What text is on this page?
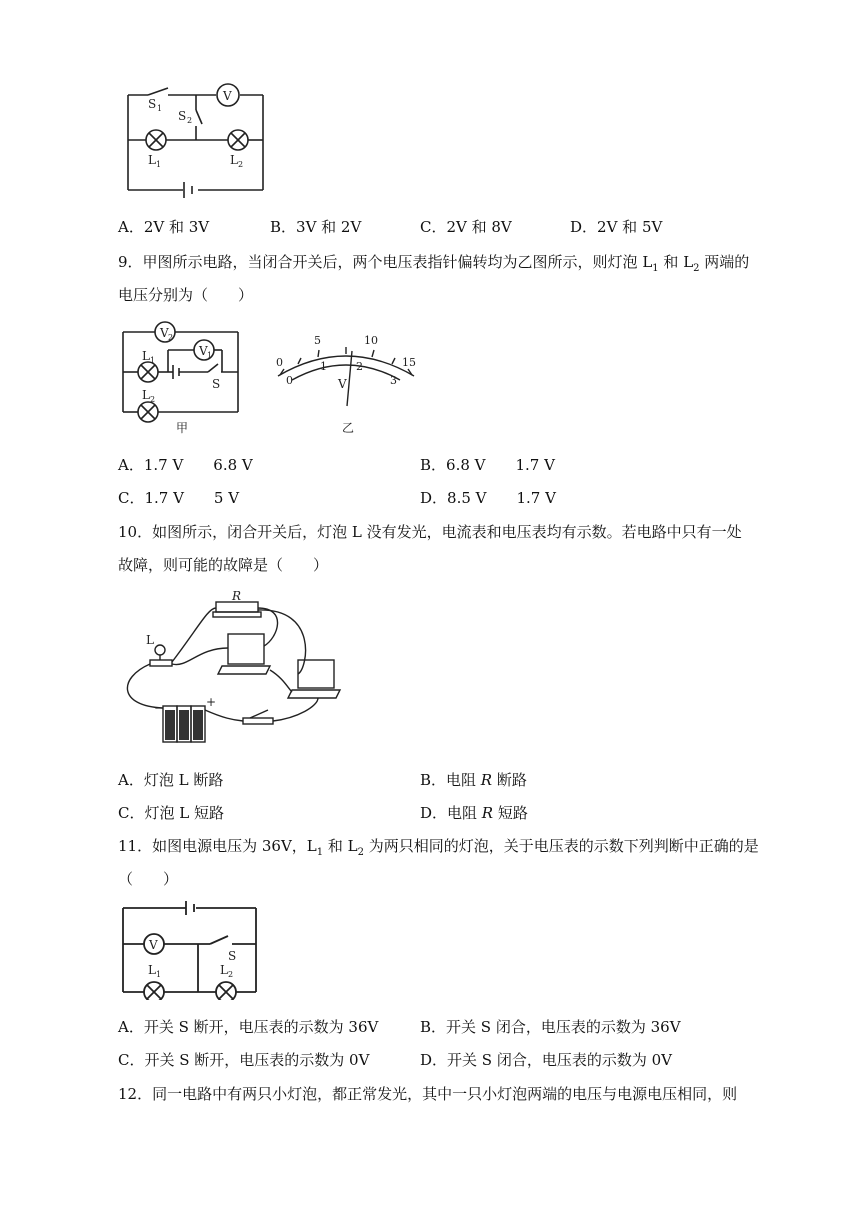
V
S 1
S 2
L 1	L 2
A．2V 和 3V	B．3V 和 2V	C．2V 和 8V	D．2V 和 5V
9．甲图所示电路，当闭合开关后，两个电压表指针偏转均为乙图所示，则灯泡 $L_1$ 和 $L_2$ 两端的
电压分别为（　　）
V 2
V 1
L 1
L 2
S
甲
0
5	10
15
0
1	2
3
V
乙
A．1.7 V　　6.8 V	B．6.8 V　　1.7 V
C．1.7 V　　5 V	D．8.5 V　　1.7 V
10．如图所示，闭合开关后，灯泡 L 没有发光，电流表和电压表均有示数。若电路中只有一处
故障，则可能的故障是（　　）
R
L
−	+
A．灯泡 L 断路	B．电阻 R 断路
C．灯泡 L 短路	D．电阻 R 短路
11．如图电源电压为 36V，$L_1$ 和 $L_2$ 为两只相同的灯泡，关于电压表的示数下列判断中正确的是
（　　）
V
S
L 1	L 2
A．开关 S 断开，电压表的示数为 36V	B．开关 S 闭合，电压表的示数为 36V
C．开关 S 断开，电压表的示数为 0V	D．开关 S 闭合，电压表的示数为 0V
12．同一电路中有两只小灯泡，都正常发光，其中一只小灯泡两端的电压与电源电压相同，则
